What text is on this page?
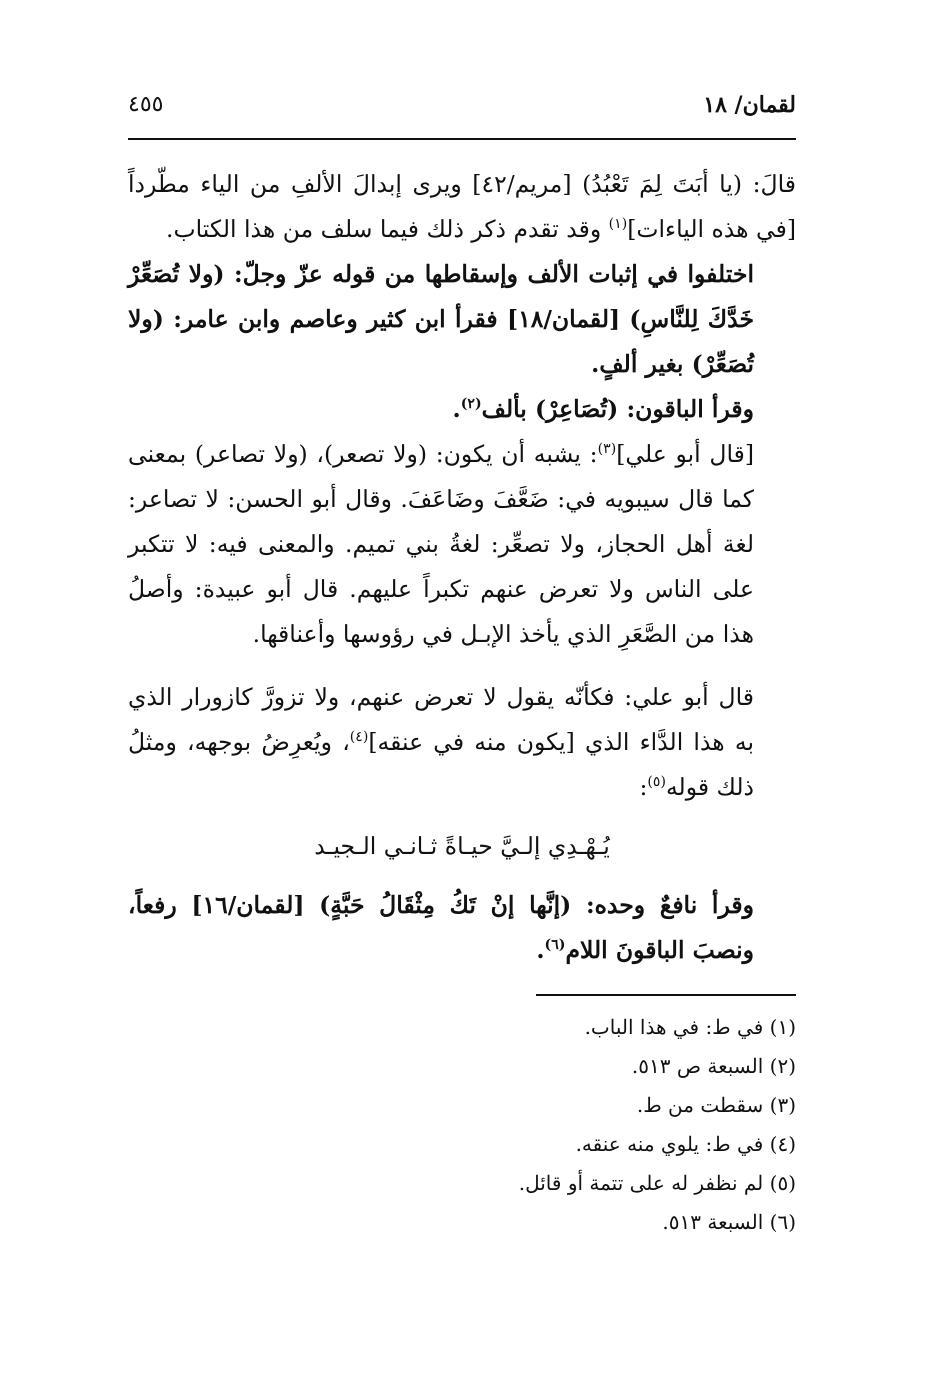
لقمان/ ١٨
٤٥٥

قالَ: (يا أبَتَ لِمَ تَعْبُدُ) [مريم/٤٢] ويرى إبدالَ الألفِ من الياء مطّرداً [في هذه الياءات]$^{(١)}$ وقد تقدم ذكر ذلك فيما سلف من هذا الكتاب.

اختلفوا في إثبات الألف وإسقاطها من قوله عزّ وجلّ: (ولا تُصَعِّرْ خَدَّكَ لِلنَّاسِ) [لقمان/١٨] فقرأ ابن كثير وعاصم وابن عامر: (ولا تُصَعِّرْ) بغير ألفٍ.

وقرأ الباقون: (تُصَاعِرْ) بألف$^{(٢)}$.

[قال أبو علي]$^{(٣)}$: يشبه أن يكون: (ولا تصعر)، (ولا تصاعر) بمعنى كما قال سيبويه في: ضَعَّفَ وضَاعَفَ. وقال أبو الحسن: لا تصاعر: لغة أهل الحجاز، ولا تصعِّر: لغةُ بني تميم. والمعنى فيه: لا تتكبر على الناس ولا تعرض عنهم تكبراً عليهم. قال أبو عبيدة: وأصلُ هذا من الصَّعَرِ الذي يأخذ الإبـل في رؤوسها وأعناقها.

قال أبو علي: فكأنّه يقول لا تعرض عنهم، ولا تزورَّ كازورار الذي به هذا الدَّاء الذي [يكون منه في عنقه]$^{(٤)}$، ويُعرِضُ بوجهه، ومثلُ ذلك قوله$^{(٥)}$:

يُـهْـدِي إلـيَّ حيـاةً ثـانـي الـجيـد

وقرأ نافعٌ وحده: (إنَّها إنْ تَكُ مِثْقَالُ حَبَّةٍ) [لقمان/١٦] رفعاً، ونصبَ الباقونَ اللام$^{(٦)}$.

(١) في ط: في هذا الباب.
(٢) السبعة ص ٥١٣.
(٣) سقطت من ط.
(٤) في ط: يلوي منه عنقه.
(٥) لم نظفر له على تتمة أو قائل.
(٦) السبعة ٥١٣.
